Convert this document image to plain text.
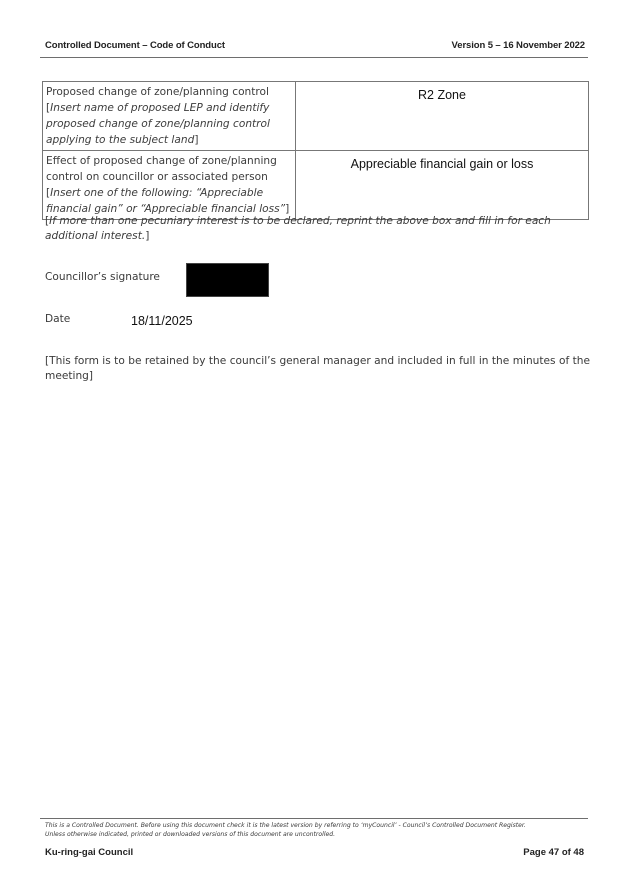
Controlled Document – Code of Conduct	Version 5 – 16 November 2022
Proposed change of zone/planning control
[Insert name of proposed LEP and identify proposed change of zone/planning control applying to the subject land]	R2 Zone
Effect of proposed change of zone/planning control on councillor or associated person
[Insert one of the following: “Appreciable financial gain” or “Appreciable financial loss”]	Appreciable financial gain or loss
[If more than one pecuniary interest is to be declared, reprint the above box and fill in for each additional interest.]
Councillor’s signature
Date	18/11/2025
[This form is to be retained by the council’s general manager and included in full in the minutes of the meeting]
This is a Controlled Document. Before using this document check it is the latest version by referring to ‘myCouncil’ - Council’s Controlled Document Register.
Unless otherwise indicated, printed or downloaded versions of this document are uncontrolled.
Ku-ring-gai Council	Page 47 of 48
